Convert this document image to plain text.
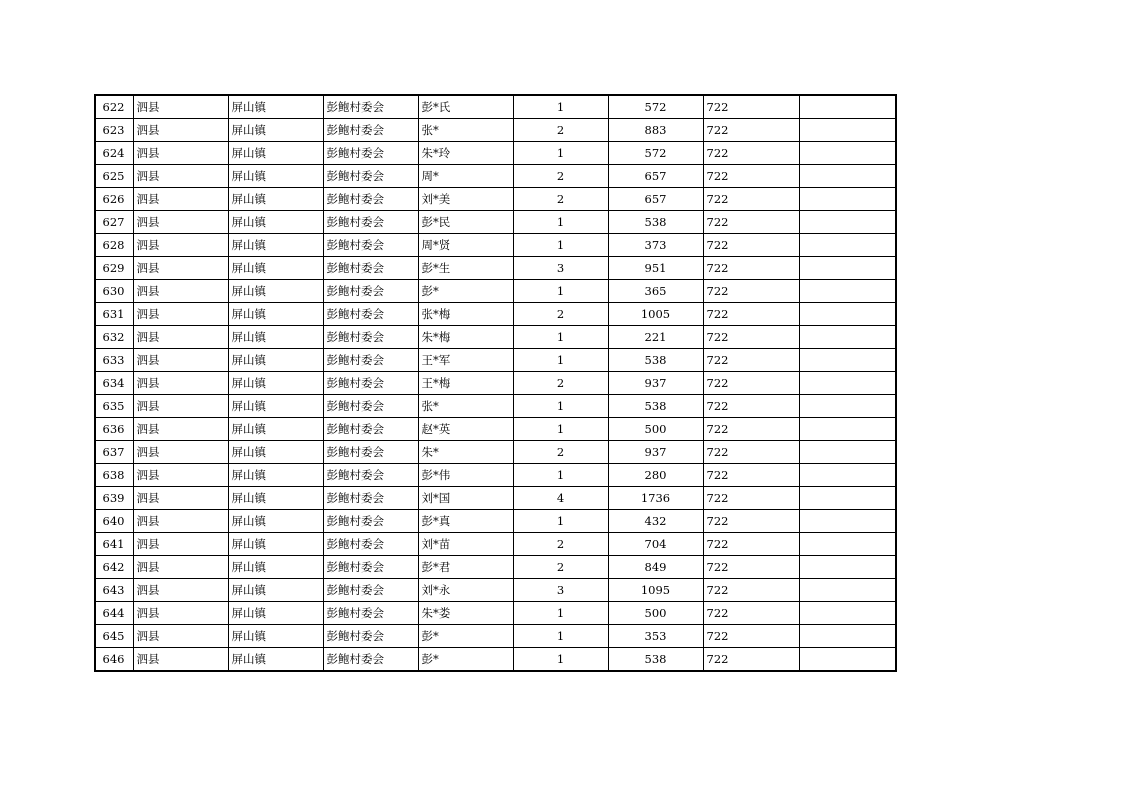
622	泗县	屏山镇	彭鲍村委会	彭*氏	1	572	722	
623	泗县	屏山镇	彭鲍村委会	张*	2	883	722	
624	泗县	屏山镇	彭鲍村委会	朱*玲	1	572	722	
625	泗县	屏山镇	彭鲍村委会	周*	2	657	722	
626	泗县	屏山镇	彭鲍村委会	刘*美	2	657	722	
627	泗县	屏山镇	彭鲍村委会	彭*民	1	538	722	
628	泗县	屏山镇	彭鲍村委会	周*贤	1	373	722	
629	泗县	屏山镇	彭鲍村委会	彭*生	3	951	722	
630	泗县	屏山镇	彭鲍村委会	彭*	1	365	722	
631	泗县	屏山镇	彭鲍村委会	张*梅	2	1005	722	
632	泗县	屏山镇	彭鲍村委会	朱*梅	1	221	722	
633	泗县	屏山镇	彭鲍村委会	王*军	1	538	722	
634	泗县	屏山镇	彭鲍村委会	王*梅	2	937	722	
635	泗县	屏山镇	彭鲍村委会	张*	1	538	722	
636	泗县	屏山镇	彭鲍村委会	赵*英	1	500	722	
637	泗县	屏山镇	彭鲍村委会	朱*	2	937	722	
638	泗县	屏山镇	彭鲍村委会	彭*伟	1	280	722	
639	泗县	屏山镇	彭鲍村委会	刘*国	4	1736	722	
640	泗县	屏山镇	彭鲍村委会	彭*真	1	432	722	
641	泗县	屏山镇	彭鲍村委会	刘*苗	2	704	722	
642	泗县	屏山镇	彭鲍村委会	彭*君	2	849	722	
643	泗县	屏山镇	彭鲍村委会	刘*永	3	1095	722	
644	泗县	屏山镇	彭鲍村委会	朱*娄	1	500	722	
645	泗县	屏山镇	彭鲍村委会	彭*	1	353	722	
646	泗县	屏山镇	彭鲍村委会	彭*	1	538	722	
